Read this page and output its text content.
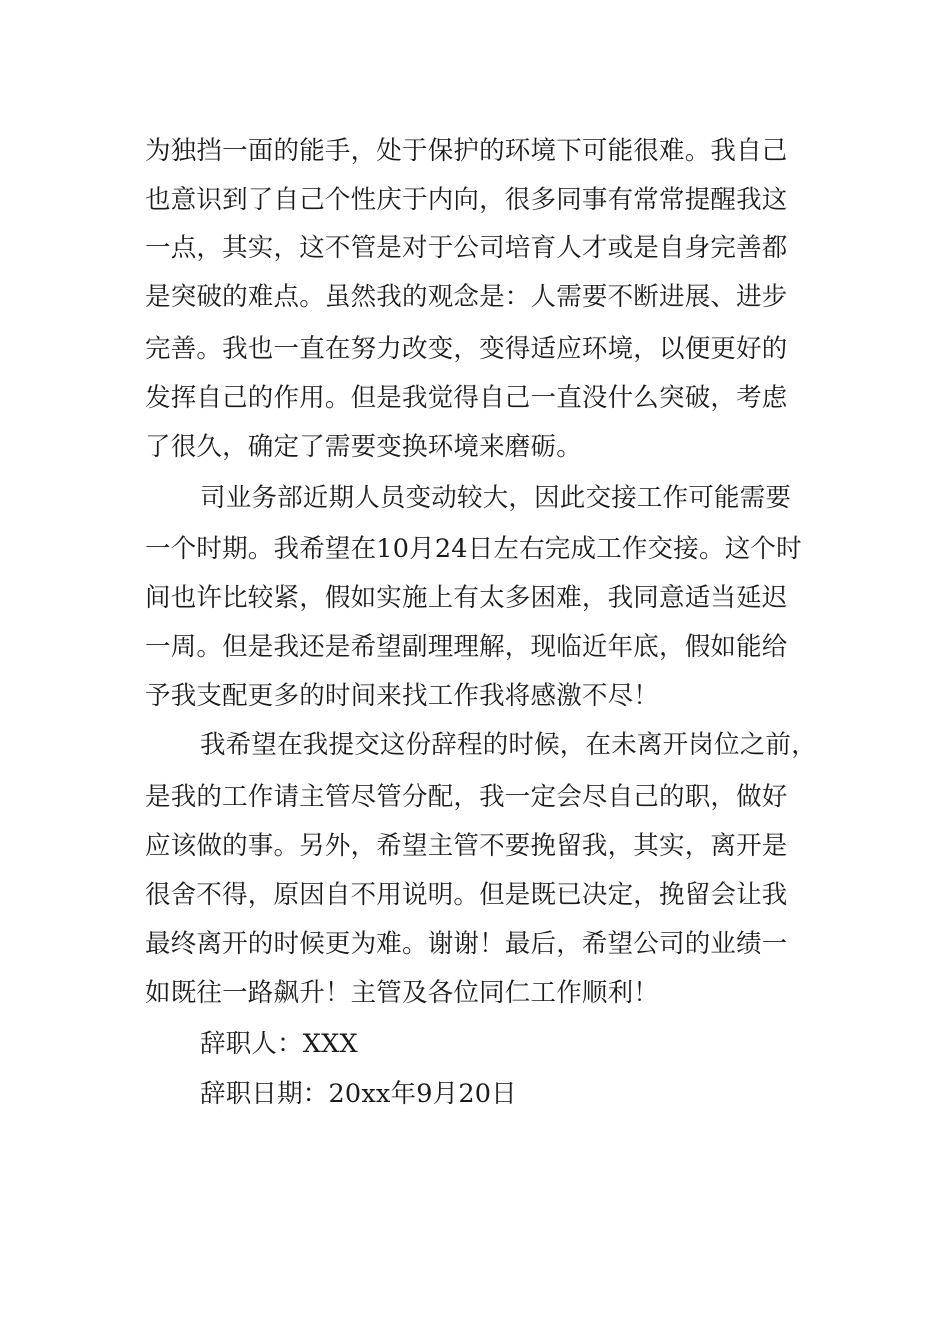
为独挡一面的能手，处于保护的环境下可能很难。我自己
也意识到了自己个性庆于内向，很多同事有常常提醒我这
一点，其实，这不管是对于公司培育人才或是自身完善都
是突破的难点。虽然我的观念是：人需要不断进展、进步
完善。我也一直在努力改变，变得适应环境，以便更好的
发挥自己的作用。但是我觉得自己一直没什么突破，考虑
了很久，确定了需要变换环境来磨砺。
司业务部近期人员变动较大，因此交接工作可能需要
一个时期。我希望在10月24日左右完成工作交接。这个时
间也许比较紧，假如实施上有太多困难，我同意适当延迟
一周。但是我还是希望副理理解，现临近年底，假如能给
予我支配更多的时间来找工作我将感激不尽！
我希望在我提交这份辞程的时候，在未离开岗位之前，
是我的工作请主管尽管分配，我一定会尽自己的职，做好
应该做的事。另外，希望主管不要挽留我，其实，离开是
很舍不得，原因自不用说明。但是既已决定，挽留会让我
最终离开的时候更为难。谢谢！最后，希望公司的业绩一
如既往一路飙升！主管及各位同仁工作顺利！
辞职人：XXX
辞职日期：20xx年9月20日
